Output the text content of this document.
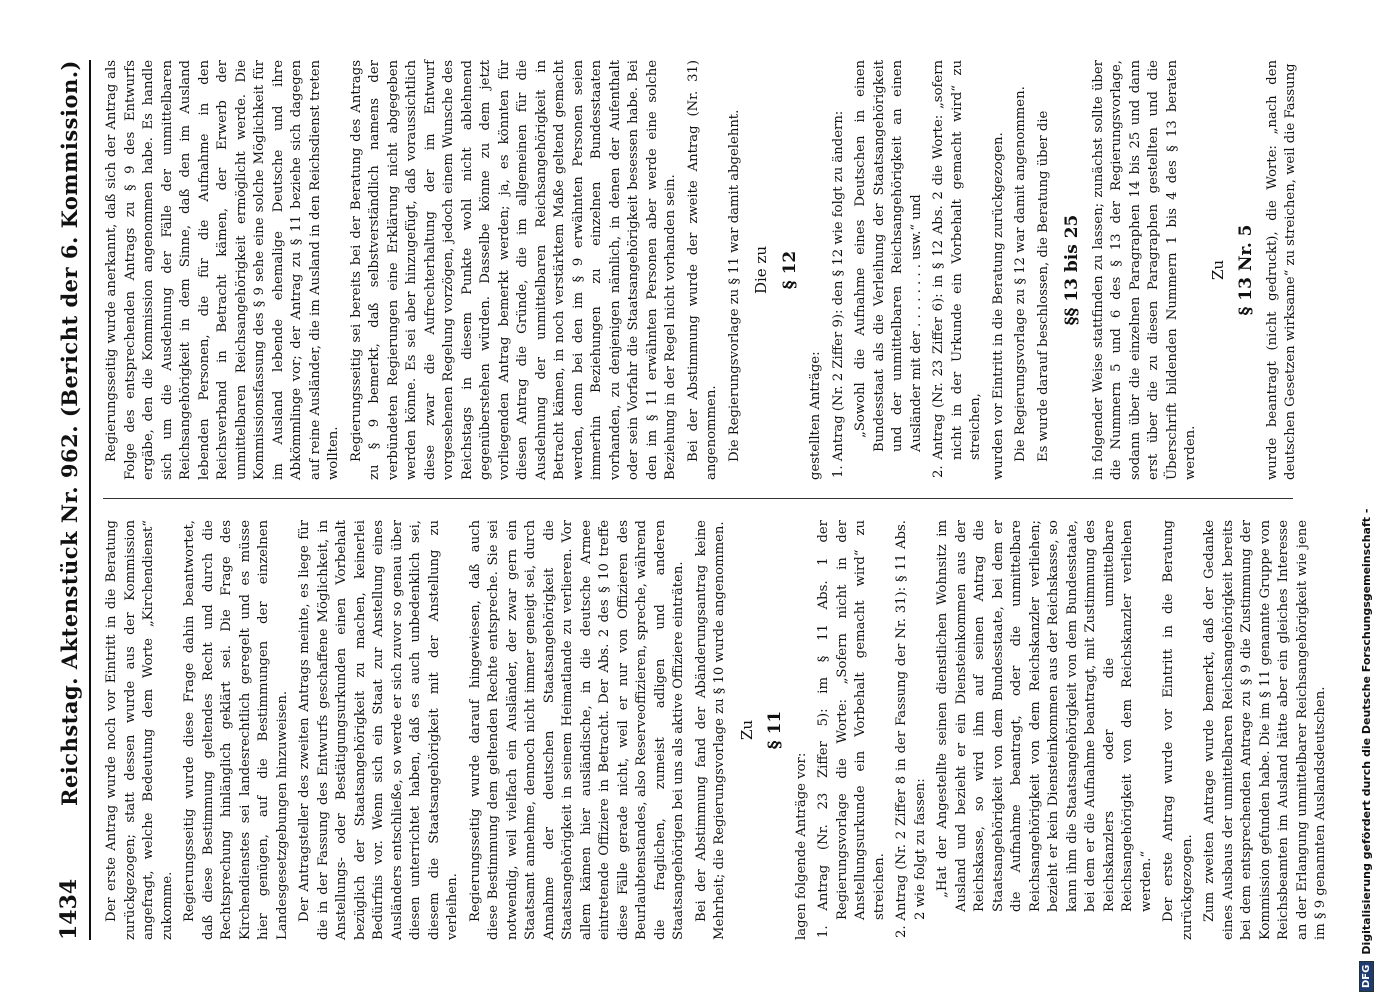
1434
Reichstag. Aktenstück Nr. 962. (Bericht der 6. Kommission.) Der erste Antrag wurde noch vor Eintritt in die Beratung zurückgezogen; statt dessen wurde aus der Kommission angefragt, welche Bedeutung dem Worte „Kirchendienst“ zukomme. Regierungsseitig wurde diese Frage dahin beantwortet, daß diese Bestimmung geltendes Recht und durch die Rechtsprechung hinlänglich geklärt sei. Die Frage des Kirchendienstes sei landesrechtlich geregelt und es müsse hier genügen, auf die Bestimmungen der einzelnen Landesgesetzgebungen hinzuweisen. Der Antragsteller des zweiten Antrags meinte, es liege für die in der Fassung des Entwurfs geschaffene Möglichkeit, in Anstellungs- oder Bestätigungsurkunden einen Vorbehalt bezüglich der Staatsangehörigkeit zu machen, keinerlei Bedürfnis vor. Wenn sich ein Staat zur Anstellung eines Ausländers entschließe, so werde er sich zuvor so genau über diesen unterrichtet haben, daß es auch unbedenklich sei, diesem die Staatsangehörigkeit mit der Anstellung zu verleihen. Regierungsseitig wurde darauf hingewiesen, daß auch diese Bestimmung dem geltenden Rechte entspreche. Sie sei notwendig, weil vielfach ein Ausländer, der zwar gern ein Staatsamt annehme, dennoch nicht immer geneigt sei, durch Annahme der deutschen Staatsangehörigkeit die Staatsangehörigkeit in seinem Heimatlande zu verlieren. Vor allem kämen hier ausländische, in die deutsche Armee eintretende Offiziere in Betracht. Der Abs. 2 des § 10 treffe diese Fälle gerade nicht, weil er nur von Offizieren des Beurlaubtenstandes, also Reserveoffizieren, spreche, während die fraglichen, zumeist adligen und anderen Staatsangehörigen bei uns als aktive Offiziere einträten. Bei der Abstimmung fand der Abänderungsantrag keine Mehrheit; die Regierungsvorlage zu § 10 wurde angenommen. Zu § 11

lagen folgende Anträge vor: 1. Antrag (Nr. 23 Ziffer 5): im § 11 Abs. 1 der Regierungsvorlage die Worte: „Sofern nicht in der Anstellungsurkunde ein Vorbehalt gemacht wird“ zu streichen. 2. Antrag (Nr. 2 Ziffer 8 in der Fassung der Nr. 31): § 11 Abs. 2 wie folgt zu fassen: „Hat der Angestellte seinen dienstlichen Wohnsitz im Ausland und bezieht er ein Diensteinkommen aus der Reichskasse, so wird ihm auf seinen Antrag die Staatsangehörigkeit von dem Bundesstaate, bei dem er die Aufnahme beantragt, oder die unmittelbare Reichsangehörigkeit von dem Reichskanzler verliehen; bezieht er kein Diensteinkommen aus der Reichskasse, so kann ihm die Staatsangehörigkeit von dem Bundesstaate, bei dem er die Aufnahme beantragt, mit Zustimmung des Reichskanzlers oder die unmittelbare Reichsangehörigkeit von dem Reichskanzler verliehen werden.“ Der erste Antrag wurde vor Eintritt in die Beratung zurückgezogen. Zum zweiten Antrage wurde bemerkt, daß der Gedanke eines Ausbaus der unmittelbaren Reichsangehörigkeit bereits bei dem entsprechenden Antrage zu § 9 die Zustimmung der Kommission gefunden habe. Die im § 11 genannte Gruppe von Reichsbeamten im Ausland hätte aber ein gleiches Interesse an der Erlangung unmittelbarer Reichsangehörigkeit wie jene im § 9 genannten Auslandsdeutschen.

Regierungsseitig wurde anerkannt, daß sich der Antrag als Folge des entsprechenden Antrags zu § 9 des Entwurfs ergäbe, den die Kommission angenommen habe. Es handle sich um die Ausdehnung der Fälle der unmittelbaren Reichsangehörigkeit in dem Sinne, daß den im Ausland lebenden Personen, die für die Aufnahme in den Reichsverband in Betracht kämen, der Erwerb der unmittelbaren Reichsangehörigkeit ermöglicht werde. Die Kommissionsfassung des § 9 sehe eine solche Möglichkeit für im Ausland lebende ehemalige Deutsche und ihre Abkömmlinge vor; der Antrag zu § 11 beziehe sich dagegen auf reine Ausländer, die im Ausland in den Reichsdienst treten wollten. Regierungsseitig sei bereits bei der Beratung des Antrags zu § 9 bemerkt, daß selbstverständlich namens der verbündeten Regierungen eine Erklärung nicht abgegeben werden könne. Es sei aber hinzugefügt, daß voraussichtlich diese zwar die Aufrechterhaltung der im Entwurf vorgesehenen Regelung vorzögen, jedoch einem Wunsche des Reichstags in diesem Punkte wohl nicht ablehnend gegenüberstehen würden. Dasselbe könne zu dem jetzt vorliegenden Antrag bemerkt werden; ja, es könnten für diesen Antrag die Gründe, die im allgemeinen für die Ausdehnung der unmittelbaren Reichsangehörigkeit in Betracht kämen, in noch verstärktem Maße geltend gemacht werden, denn bei den im § 9 erwähnten Personen seien immerhin Beziehungen zu einzelnen Bundesstaaten vorhanden, zu denjenigen nämlich, in denen der Aufenthalt oder sein Vorfahr die Staatsangehörigkeit besessen habe. Bei den im § 11 erwähnten Personen aber werde eine solche Beziehung in der Regel nicht vorhanden sein. Bei der Abstimmung wurde der zweite Antrag (Nr. 31) angenommen. Die Regierungsvorlage zu § 11 war damit abgelehnt. Die zu § 12

gestellten Anträge: 1. Antrag (Nr. 2 Ziffer 9): den § 12 wie folgt zu ändern: „Sowohl die Aufnahme eines Deutschen in einen Bundesstaat als die Verleihung der Staatsangehörigkeit und der unmittelbaren Reichsangehörigkeit an einen Ausländer mit der . . . . . . . . usw.“ und 2. Antrag (Nr. 23 Ziffer 6): in § 12 Abs. 2 die Worte: „sofern nicht in der Urkunde ein Vorbehalt gemacht wird“ zu streichen, wurden vor Eintritt in die Beratung zurückgezogen. Die Regierungsvorlage zu § 12 war damit angenommen. Es wurde darauf beschlossen, die Beratung über die §§ 13 bis 25 in folgender Weise stattfinden zu lassen; zunächst sollte über die Nummern 5 und 6 des § 13 der Regierungsvorlage, sodann über die einzelnen Paragraphen 14 bis 25 und dann erst über die zu diesen Paragraphen gestellten und die Überschrift bildenden Nummern 1 bis 4 des § 13 beraten werden.

Zu § 13 Nr. 5 wurde beantragt (nicht gedruckt), die Worte: „nach den deutschen Gesetzen wirksame“ zu streichen, weil die Fassung

DFG
Digitalisierung gefördert durch die Deutsche Forschungsgemeinschaft -
